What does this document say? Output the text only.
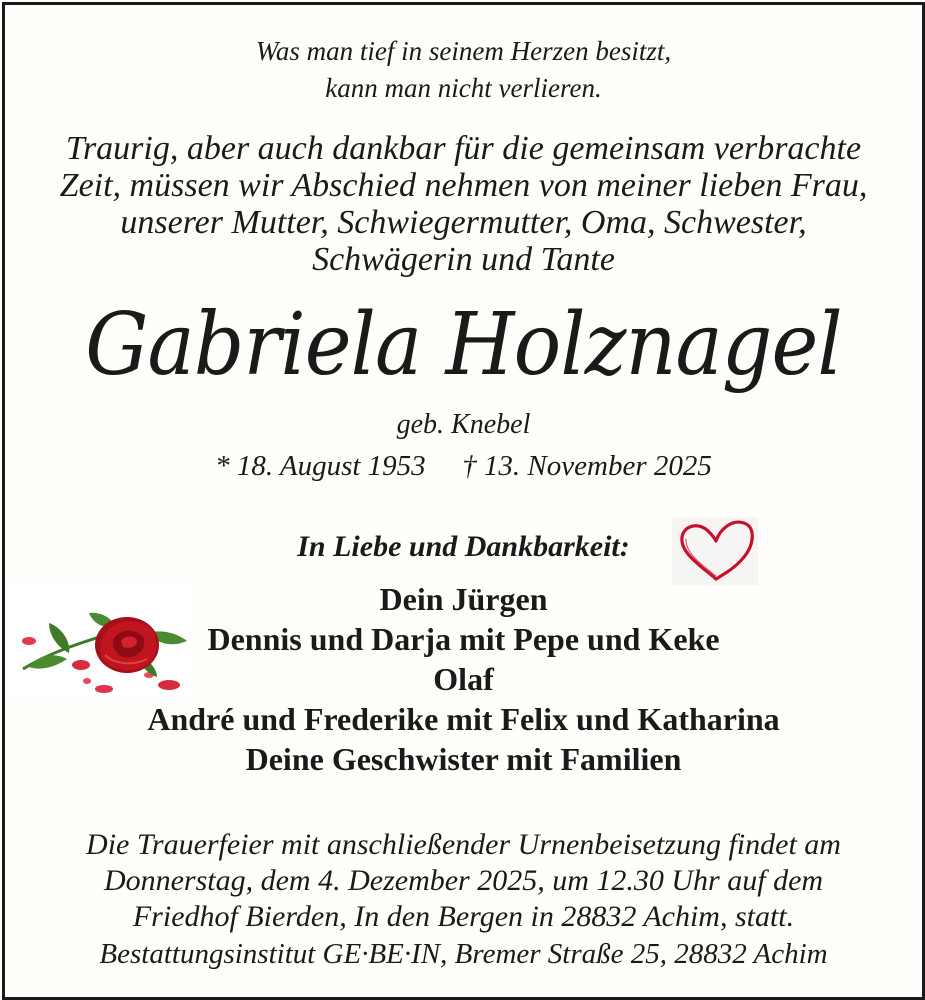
Was man tief in seinem Herzen besitzt,
kann man nicht verlieren.
Traurig, aber auch dankbar für die gemeinsam verbrachte
Zeit, müssen wir Abschied nehmen von meiner lieben Frau,
unserer Mutter, Schwiegermutter, Oma, Schwester,
Schwägerin und Tante
Gabriela Holznagel
geb. Knebel
* 18. August 1953 † 13. November 2025
In Liebe und Dankbarkeit:
Dein Jürgen
Dennis und Darja mit Pepe und Keke
Olaf
André und Frederike mit Felix und Katharina
Deine Geschwister mit Familien
Die Trauerfeier mit anschließender Urnenbeisetzung findet am
Donnerstag, dem 4. Dezember 2025, um 12.30 Uhr auf dem
Friedhof Bierden, In den Bergen in 28832 Achim, statt.
Bestattungsinstitut GE·BE·IN, Bremer Straße 25, 28832 Achim
